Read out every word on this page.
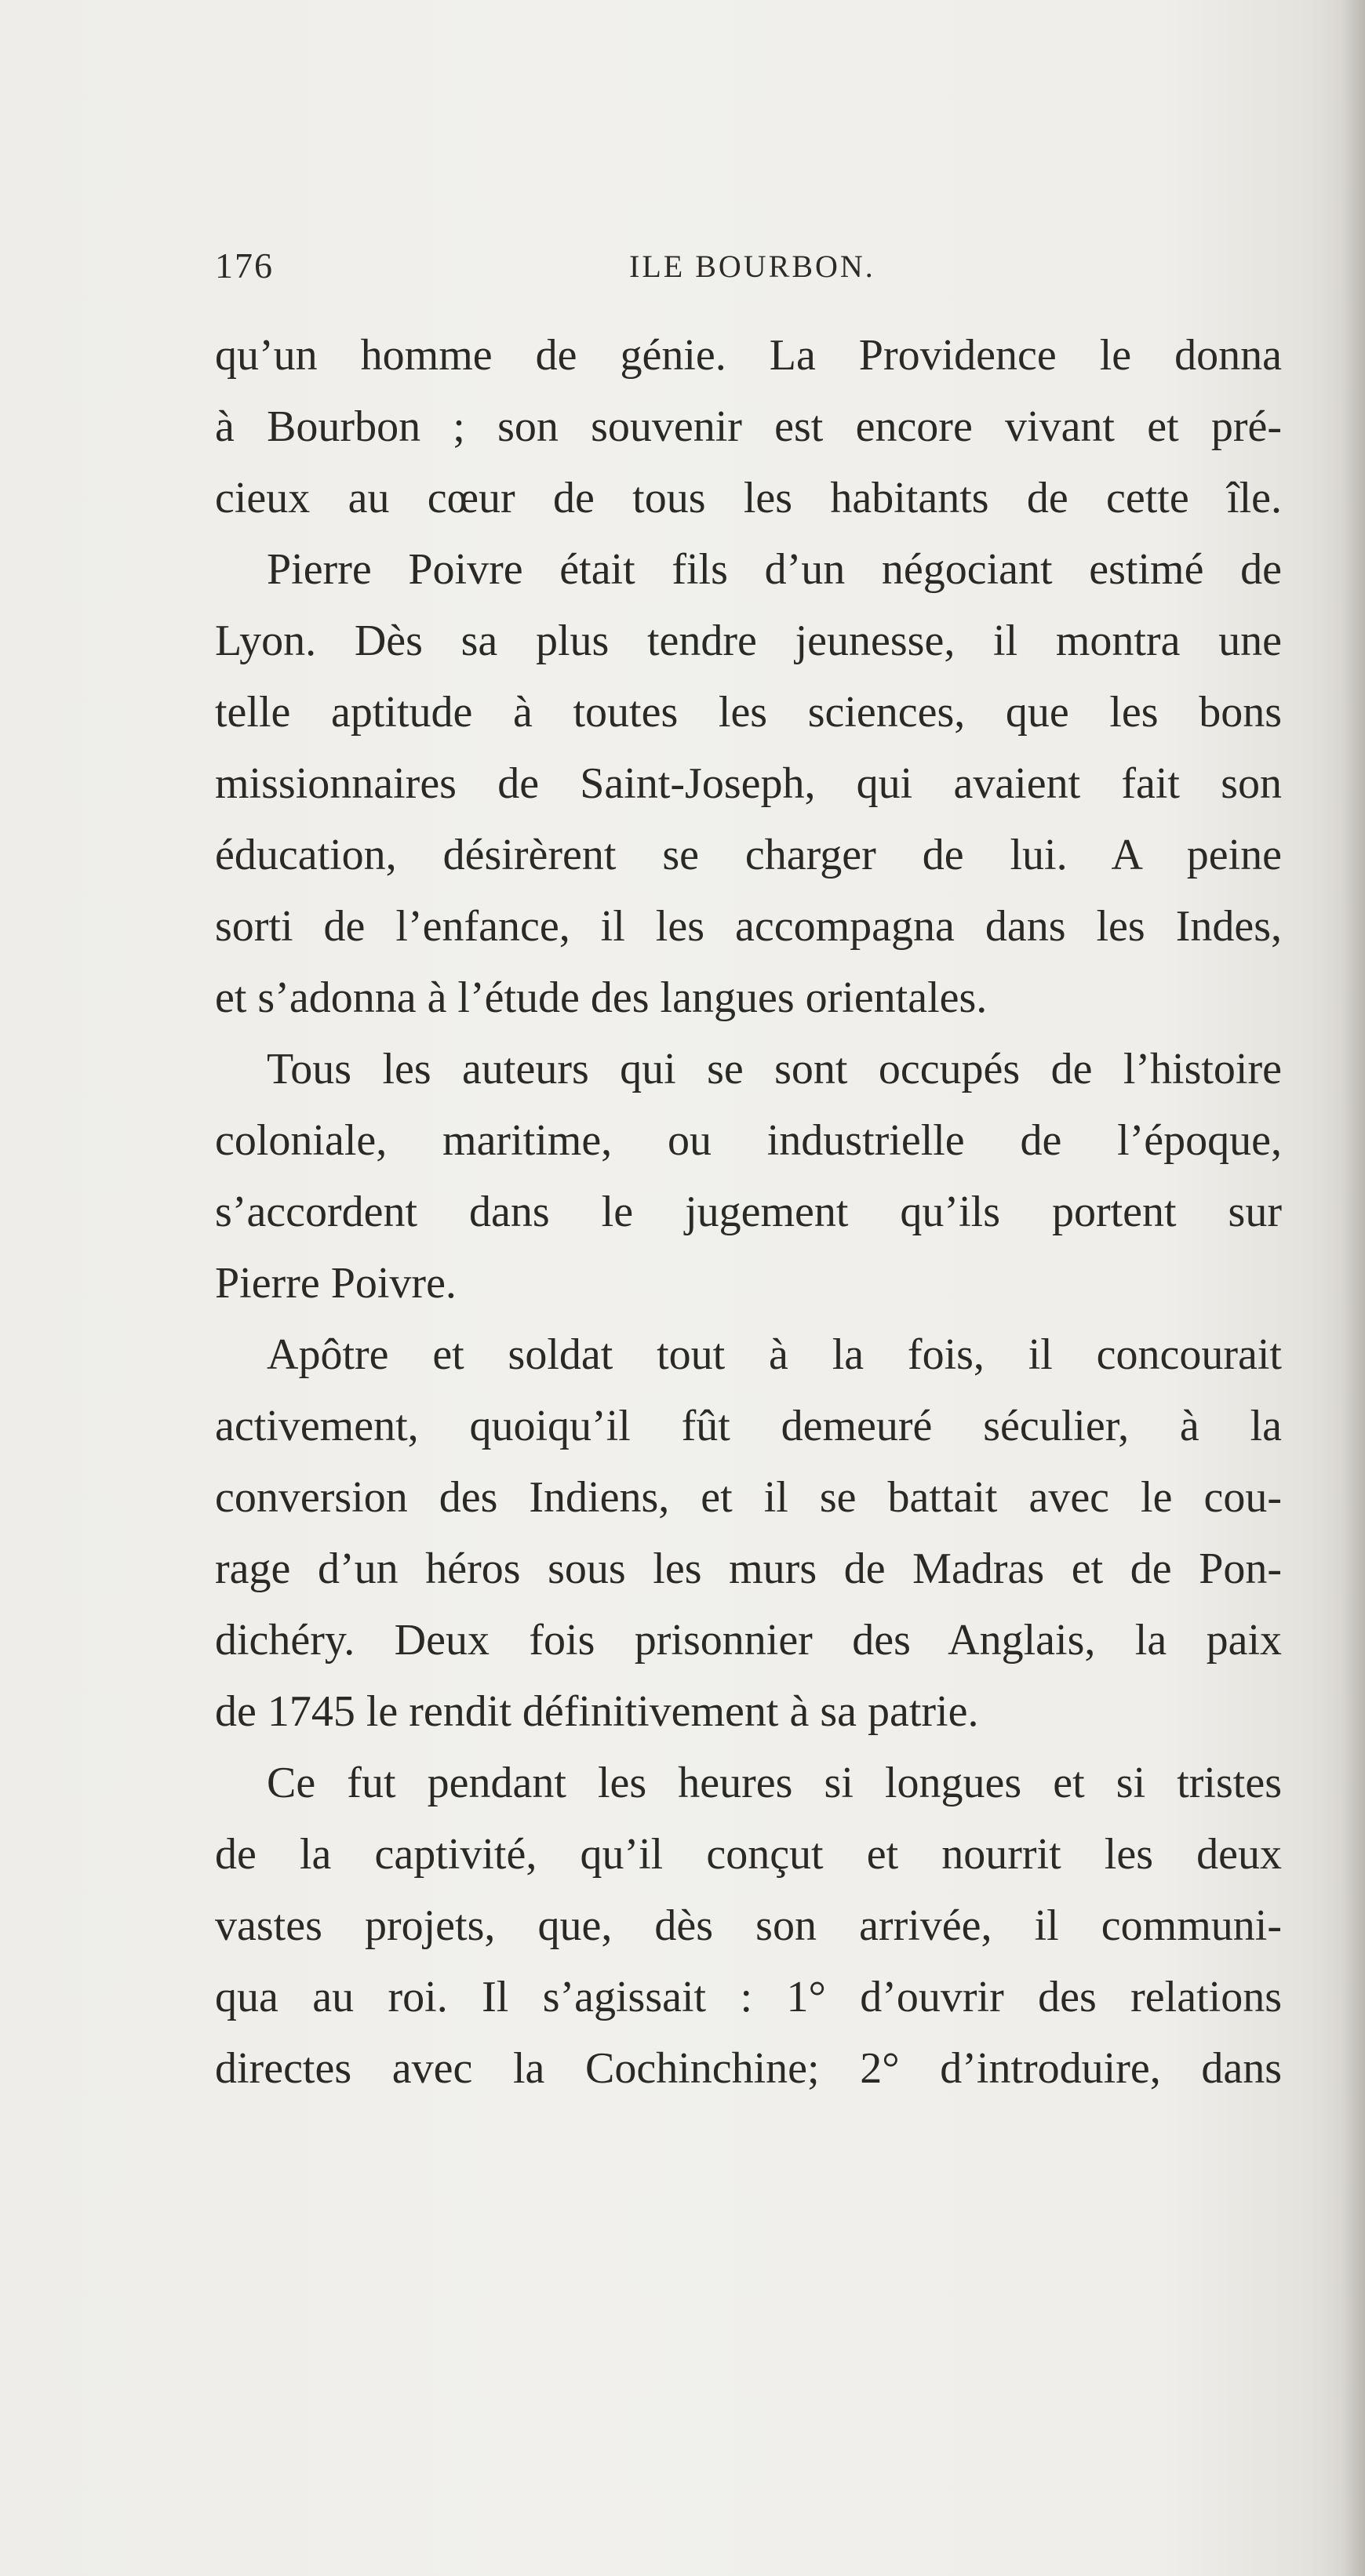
176	ILE BOURBON.
qu’un homme de génie. La Providence le donna
à Bourbon ; son souvenir est encore vivant et pré-
cieux au cœur de tous les habitants de cette île.
Pierre Poivre était fils d’un négociant estimé de
Lyon. Dès sa plus tendre jeunesse, il montra une
telle aptitude à toutes les sciences, que les bons
missionnaires de Saint-Joseph, qui avaient fait son
éducation, désirèrent se charger de lui. A peine
sorti de l’enfance, il les accompagna dans les Indes,
et s’adonna à l’étude des langues orientales.
Tous les auteurs qui se sont occupés de l’histoire
coloniale, maritime, ou industrielle de l’époque,
s’accordent dans le jugement qu’ils portent sur
Pierre Poivre.
Apôtre et soldat tout à la fois, il concourait
activement, quoiqu’il fût demeuré séculier, à la
conversion des Indiens, et il se battait avec le cou-
rage d’un héros sous les murs de Madras et de Pon-
dichéry. Deux fois prisonnier des Anglais, la paix
de 1745 le rendit définitivement à sa patrie.
Ce fut pendant les heures si longues et si tristes
de la captivité, qu’il conçut et nourrit les deux
vastes projets, que, dès son arrivée, il communi-
qua au roi. Il s’agissait : 1° d’ouvrir des relations
directes avec la Cochinchine; 2° d’introduire, dans
